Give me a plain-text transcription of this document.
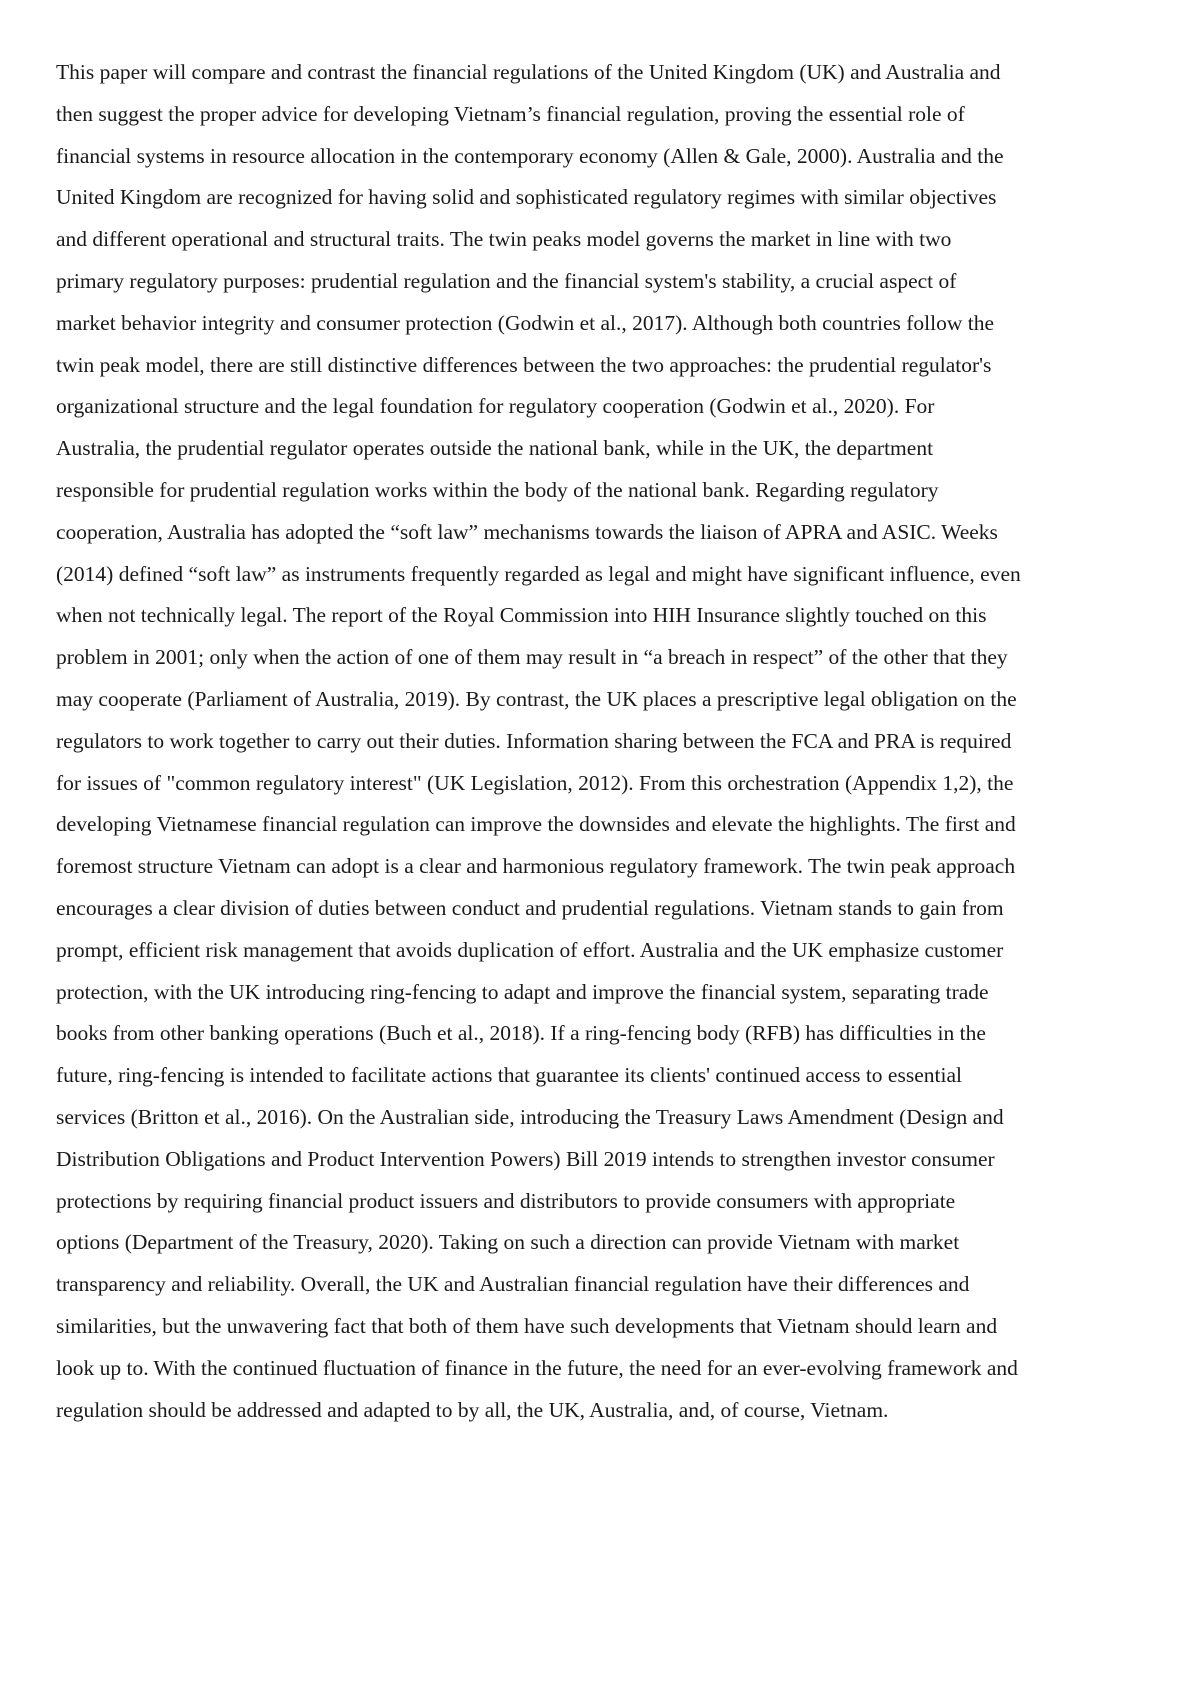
This paper will compare and contrast the financial regulations of the United Kingdom (UK) and Australia and
then suggest the proper advice for developing Vietnam’s financial regulation, proving the essential role of
financial systems in resource allocation in the contemporary economy (Allen & Gale, 2000). Australia and the
United Kingdom are recognized for having solid and sophisticated regulatory regimes with similar objectives
and different operational and structural traits. The twin peaks model governs the market in line with two
primary regulatory purposes: prudential regulation and the financial system's stability, a crucial aspect of
market behavior integrity and consumer protection (Godwin et al., 2017). Although both countries follow the
twin peak model, there are still distinctive differences between the two approaches: the prudential regulator's
organizational structure and the legal foundation for regulatory cooperation (Godwin et al., 2020). For
Australia, the prudential regulator operates outside the national bank, while in the UK, the department
responsible for prudential regulation works within the body of the national bank. Regarding regulatory
cooperation, Australia has adopted the “soft law” mechanisms towards the liaison of APRA and ASIC. Weeks
(2014) defined “soft law” as instruments frequently regarded as legal and might have significant influence, even
when not technically legal. The report of the Royal Commission into HIH Insurance slightly touched on this
problem in 2001; only when the action of one of them may result in “a breach in respect” of the other that they
may cooperate (Parliament of Australia, 2019). By contrast, the UK places a prescriptive legal obligation on the
regulators to work together to carry out their duties. Information sharing between the FCA and PRA is required
for issues of "common regulatory interest" (UK Legislation, 2012). From this orchestration (Appendix 1,2), the
developing Vietnamese financial regulation can improve the downsides and elevate the highlights. The first and
foremost structure Vietnam can adopt is a clear and harmonious regulatory framework. The twin peak approach
encourages a clear division of duties between conduct and prudential regulations. Vietnam stands to gain from
prompt, efficient risk management that avoids duplication of effort. Australia and the UK emphasize customer
protection, with the UK introducing ring-fencing to adapt and improve the financial system, separating trade
books from other banking operations (Buch et al., 2018). If a ring-fencing body (RFB) has difficulties in the
future, ring-fencing is intended to facilitate actions that guarantee its clients' continued access to essential
services (Britton et al., 2016). On the Australian side, introducing the Treasury Laws Amendment (Design and
Distribution Obligations and Product Intervention Powers) Bill 2019 intends to strengthen investor consumer
protections by requiring financial product issuers and distributors to provide consumers with appropriate
options (Department of the Treasury, 2020). Taking on such a direction can provide Vietnam with market
transparency and reliability. Overall, the UK and Australian financial regulation have their differences and
similarities, but the unwavering fact that both of them have such developments that Vietnam should learn and
look up to. With the continued fluctuation of finance in the future, the need for an ever-evolving framework and
regulation should be addressed and adapted to by all, the UK, Australia, and, of course, Vietnam.
